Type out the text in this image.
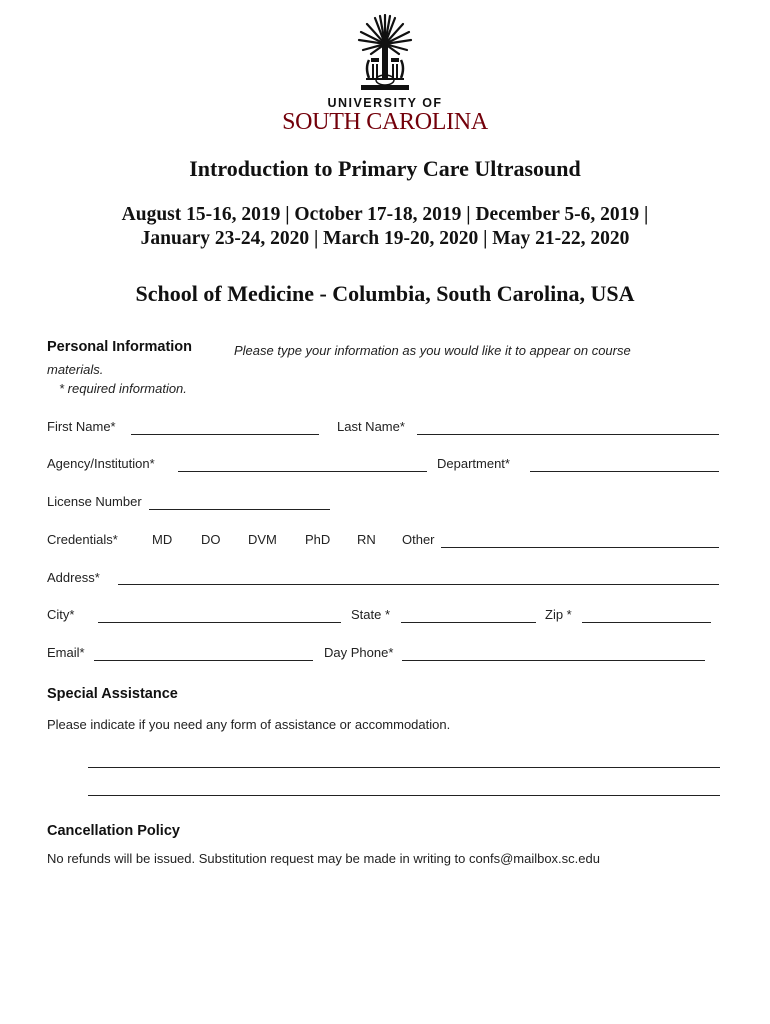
UNIVERSITY OF
SOUTH CAROLINA
Introduction to Primary Care Ultrasound
August 15-16, 2019 | October 17-18, 2019 | December 5-6, 2019 |
January 23-24, 2020 | March 19-20, 2020 | May 21-22, 2020
School of Medicine - Columbia, South Carolina, USA
Personal Information	Please type your information as you would like it to appear on course
materials.
* required information.
First Name*	Last Name*
Agency/Institution*	Department*
License Number
Credentials*	MD DO DVM PhD RN Other
Address*
City*	State *	Zip *
Email*	Day Phone*
Special Assistance
Please indicate if you need any form of assistance or accommodation.
Cancellation Policy
No refunds will be issued. Substitution request may be made in writing to confs@mailbox.sc.edu
